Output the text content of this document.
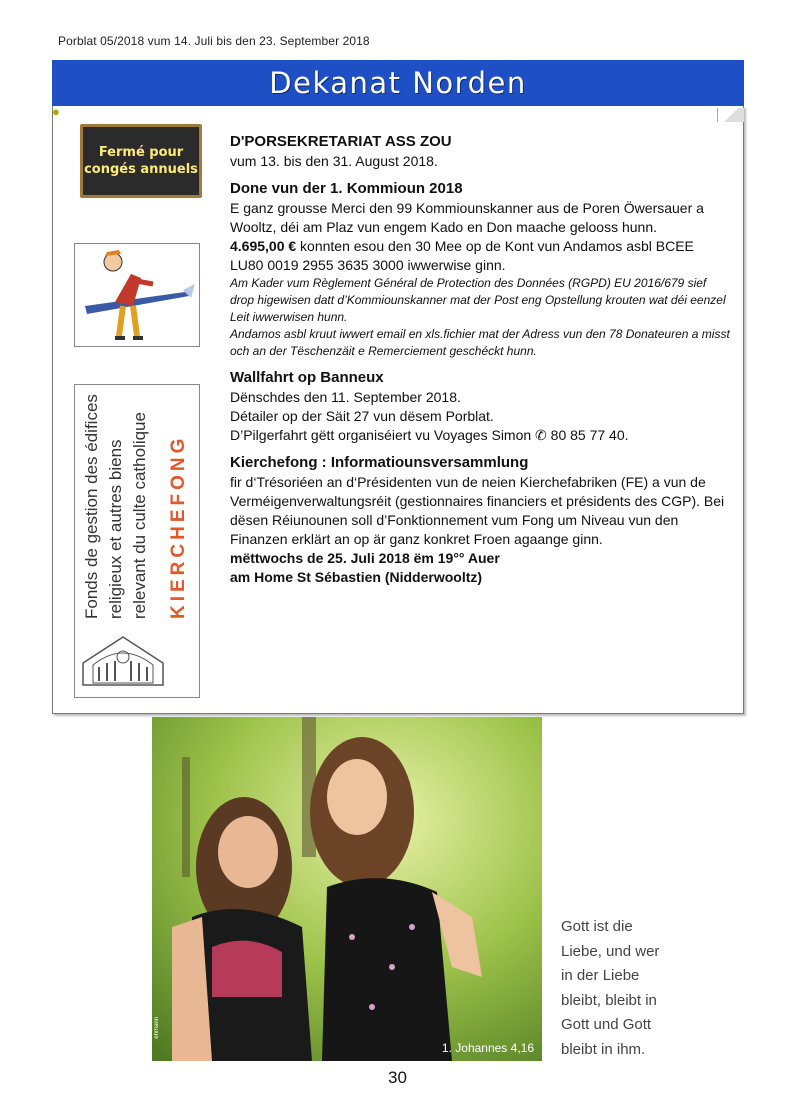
Porblat 05/2018 vum 14. Juli bis den 23. September 2018
Dekanat Norden
●
Fermé pour
congés annuels
Fonds de gestion des édifices religieux et autres biens relevant du culte catholique KIERCHEFONG
D'PORSEKRETARIAT ASS ZOU

vum 13. bis den 31. August 2018.

Done vun der 1. Kommioun 2018

E ganz grousse Merci den 99 Kommiounskanner aus de Poren Öwersauer a Wooltz, déi am Plaz vun engem Kado en Don maache gelooss hunn.

4.695,00 € konnten esou den 30 Mee op de Kont vun Andamos asbl BCEE LU80 0019 2955 3635 3000 iwwerwise ginn.

Am Kader vum Règlement Général de Protection des Données (RGPD) EU 2016/679 sief drop higewisen datt d’Kommiounskanner mat der Post eng Opstellung krouten wat déi eenzel Leit iwwerwisen hunn.

Andamos asbl kruut iwwert email en xls.fichier mat der Adress vun den 78 Donateuren a misst och an der Tëschenzäit e Remerciement geschéckt hunn.

Wallfahrt op Banneux

Dënschdes den 11. September 2018.

Détailer op der Säit 27 vun dësem Porblat.

D’Pilgerfahrt gëtt organiséiert vu Voyages Simon ✆ 80 85 77 40.

Kierchefong : Informatiounsversammlung

fir d‘Trésoriéen an d‘Présidenten vun de neien Kierchefabriken (FE) a vun de Verméigenverwaltungsréit (gestionnaires financiers et présidents des CGP). Bei dësen Réiunounen soll d’Fonktionnement vum Fong um Niveau vun den Finanzen erklärt an op är ganz konkret Froen agaange ginn.

mëttwochs de 25. Juli 2018 ëm 19°° Auer

am Home St Sébastien (Nidderwooltz)

ehmann
1. Johannes 4,16
Gott ist die
Liebe, und wer
in der Liebe
bleibt, bleibt in
Gott und Gott
bleibt in ihm.
30
